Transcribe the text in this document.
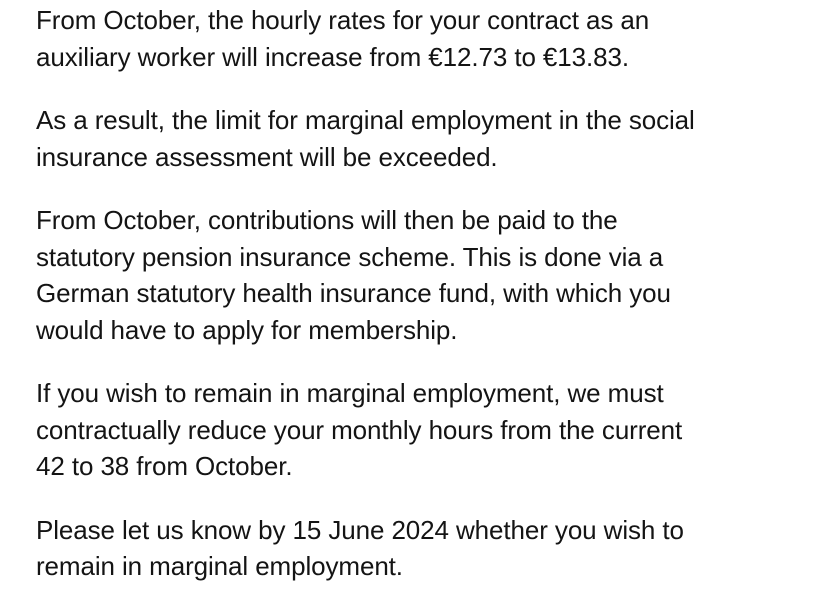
From October, the hourly rates for your contract as an
auxiliary worker will increase from €12.73 to €13.83.

As a result, the limit for marginal employment in the social
insurance assessment will be exceeded.

From October, contributions will then be paid to the
statutory pension insurance scheme. This is done via a
German statutory health insurance fund, with which you
would have to apply for membership.

If you wish to remain in marginal employment, we must
contractually reduce your monthly hours from the current
42 to 38 from October.

Please let us know by 15 June 2024 whether you wish to
remain in marginal employment.
